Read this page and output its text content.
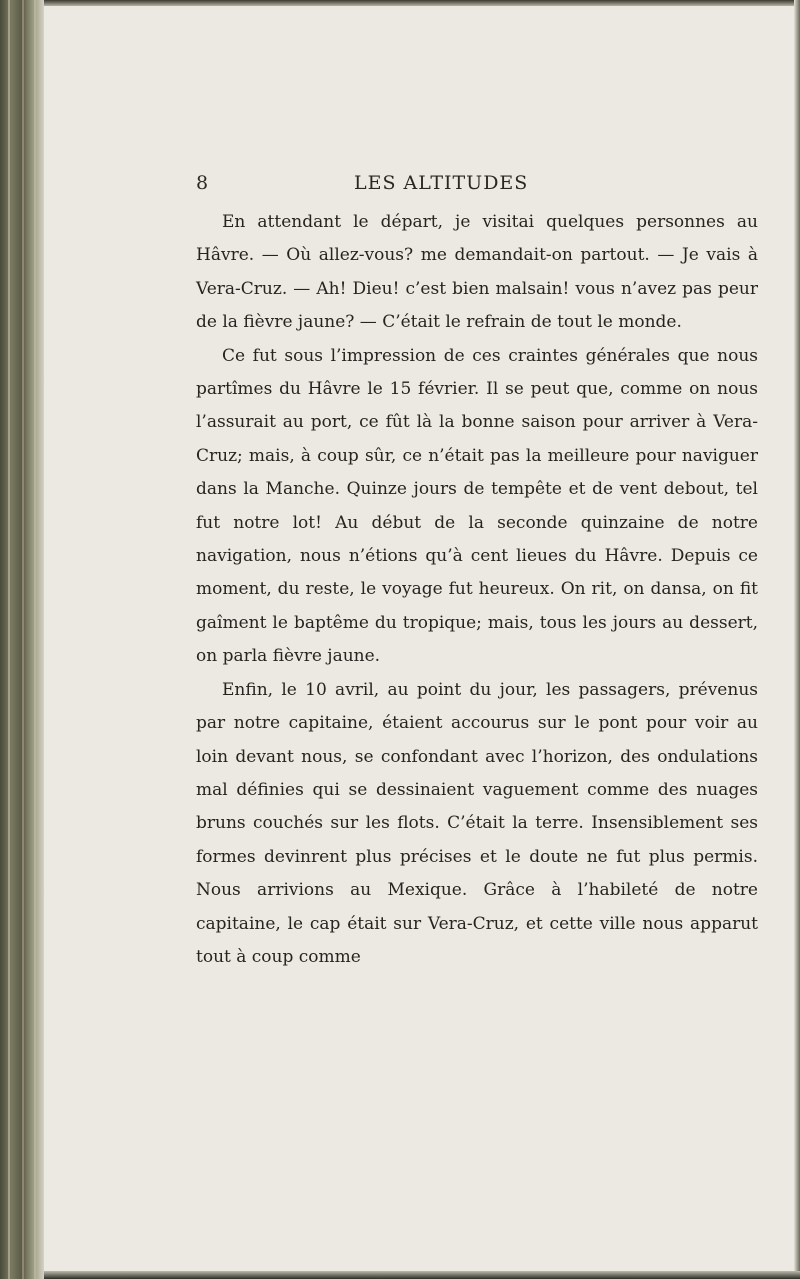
8	LES ALTITUDES

En attendant le départ, je visitai quelques personnes au Hâvre. — Où allez-vous? me demandait-on partout. — Je vais à Vera-Cruz. — Ah! Dieu! c’est bien malsain! vous n’avez pas peur de la fièvre jaune? — C’était le refrain de tout le monde.

Ce fut sous l’impression de ces craintes générales que nous partîmes du Hâvre le 15 février. Il se peut que, comme on nous l’assurait au port, ce fût là la bonne saison pour arriver à Vera-Cruz; mais, à coup sûr, ce n’était pas la meilleure pour naviguer dans la Manche. Quinze jours de tempête et de vent debout, tel fut notre lot! Au début de la seconde quinzaine de notre navigation, nous n’étions qu’à cent lieues du Hâvre. Depuis ce moment, du reste, le voyage fut heureux. On rit, on dansa, on fit gaîment le baptême du tropique; mais, tous les jours au dessert, on parla fièvre jaune.

Enfin, le 10 avril, au point du jour, les passagers, prévenus par notre capitaine, étaient accourus sur le pont pour voir au loin devant nous, se confondant avec l’horizon, des ondulations mal définies qui se dessinaient vaguement comme des nuages bruns couchés sur les flots. C’était la terre. Insensiblement ses formes devinrent plus précises et le doute ne fut plus permis. Nous arrivions au Mexique. Grâce à l’habileté de notre capitaine, le cap était sur Vera-Cruz, et cette ville nous apparut tout à coup comme
